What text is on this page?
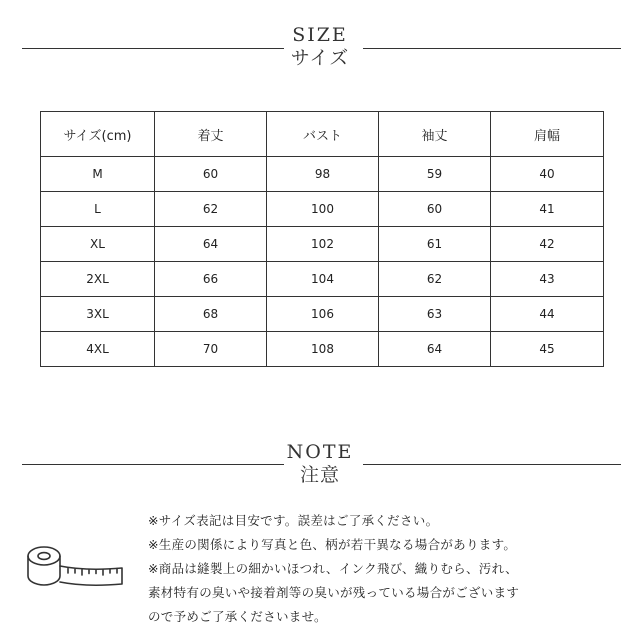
SIZE
サイズ
サイズ(cm)	着丈	バスト	袖丈	肩幅
M	60	98	59	40
L	62	100	60	41
XL	64	102	61	42
2XL	66	104	62	43
3XL	68	106	63	44
4XL	70	108	64	45
NOTE
注意
※サイズ表記は目安です。誤差はご了承ください。
※生産の関係により写真と色、柄が若干異なる場合があります。
※商品は縫製上の細かいほつれ、インク飛び、織りむら、汚れ、
素材特有の臭いや接着剤等の臭いが残っている場合がございます
ので予めご了承くださいませ。
